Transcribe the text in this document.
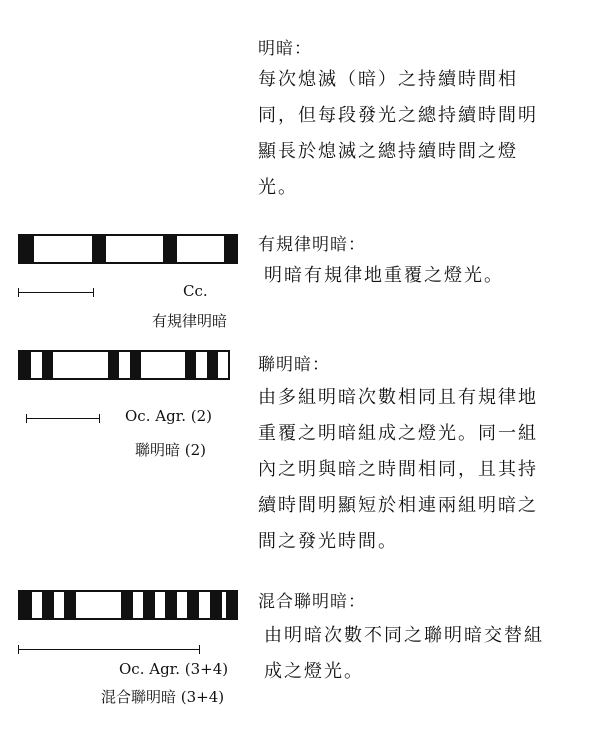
明暗：
每次熄滅（暗）之持續時間相
同，但每段發光之總持續時間明
顯長於熄滅之總持續時間之燈
光。
有規律明暗：
明暗有規律地重覆之燈光。
Cc.
有規律明暗
聯明暗：
由多組明暗次數相同且有規律地
重覆之明暗組成之燈光。同一組
內之明與暗之時間相同，且其持
續時間明顯短於相連兩組明暗之
間之發光時間。
Oc. Agr. (2)
聯明暗 (2)
混合聯明暗：
由明暗次數不同之聯明暗交替組
成之燈光。
Oc. Agr. (3+4)
混合聯明暗 (3+4)
